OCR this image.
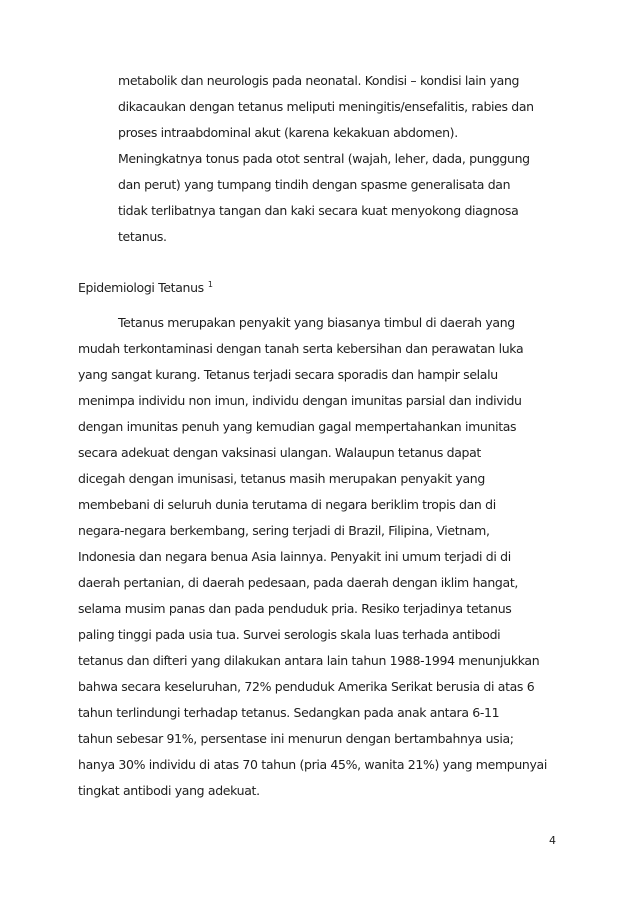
metabolik dan neurologis pada neonatal. Kondisi – kondisi lain yang
dikacaukan dengan tetanus meliputi meningitis/ensefalitis, rabies dan
proses intraabdominal akut (karena kekakuan abdomen).
Meningkatnya tonus pada otot sentral (wajah, leher, dada, punggung
dan perut) yang tumpang tindih dengan spasme generalisata dan
tidak terlibatnya tangan dan kaki secara kuat menyokong diagnosa
tetanus.
Epidemiologi Tetanus $^1$
Tetanus merupakan penyakit yang biasanya timbul di daerah yang
mudah terkontaminasi dengan tanah serta kebersihan dan perawatan luka
yang sangat kurang. Tetanus terjadi secara sporadis dan hampir selalu
menimpa individu non imun, individu dengan imunitas parsial dan individu
dengan imunitas penuh yang kemudian gagal mempertahankan imunitas
secara adekuat dengan vaksinasi ulangan. Walaupun tetanus dapat
dicegah dengan imunisasi, tetanus masih merupakan penyakit yang
membebani di seluruh dunia terutama di negara beriklim tropis dan di
negara-negara berkembang, sering terjadi di Brazil, Filipina, Vietnam,
Indonesia dan negara benua Asia lainnya. Penyakit ini umum terjadi di di
daerah pertanian, di daerah pedesaan, pada daerah dengan iklim hangat,
selama musim panas dan pada penduduk pria. Resiko terjadinya tetanus
paling tinggi pada usia tua. Survei serologis skala luas terhada antibodi
tetanus dan difteri yang dilakukan antara lain tahun 1988-1994 menunjukkan
bahwa secara keseluruhan, 72% penduduk Amerika Serikat berusia di atas 6
tahun terlindungi terhadap tetanus. Sedangkan pada anak antara 6-11
tahun sebesar 91%, persentase ini menurun dengan bertambahnya usia;
hanya 30% individu di atas 70 tahun (pria 45%, wanita 21%) yang mempunyai
tingkat antibodi yang adekuat.
4
